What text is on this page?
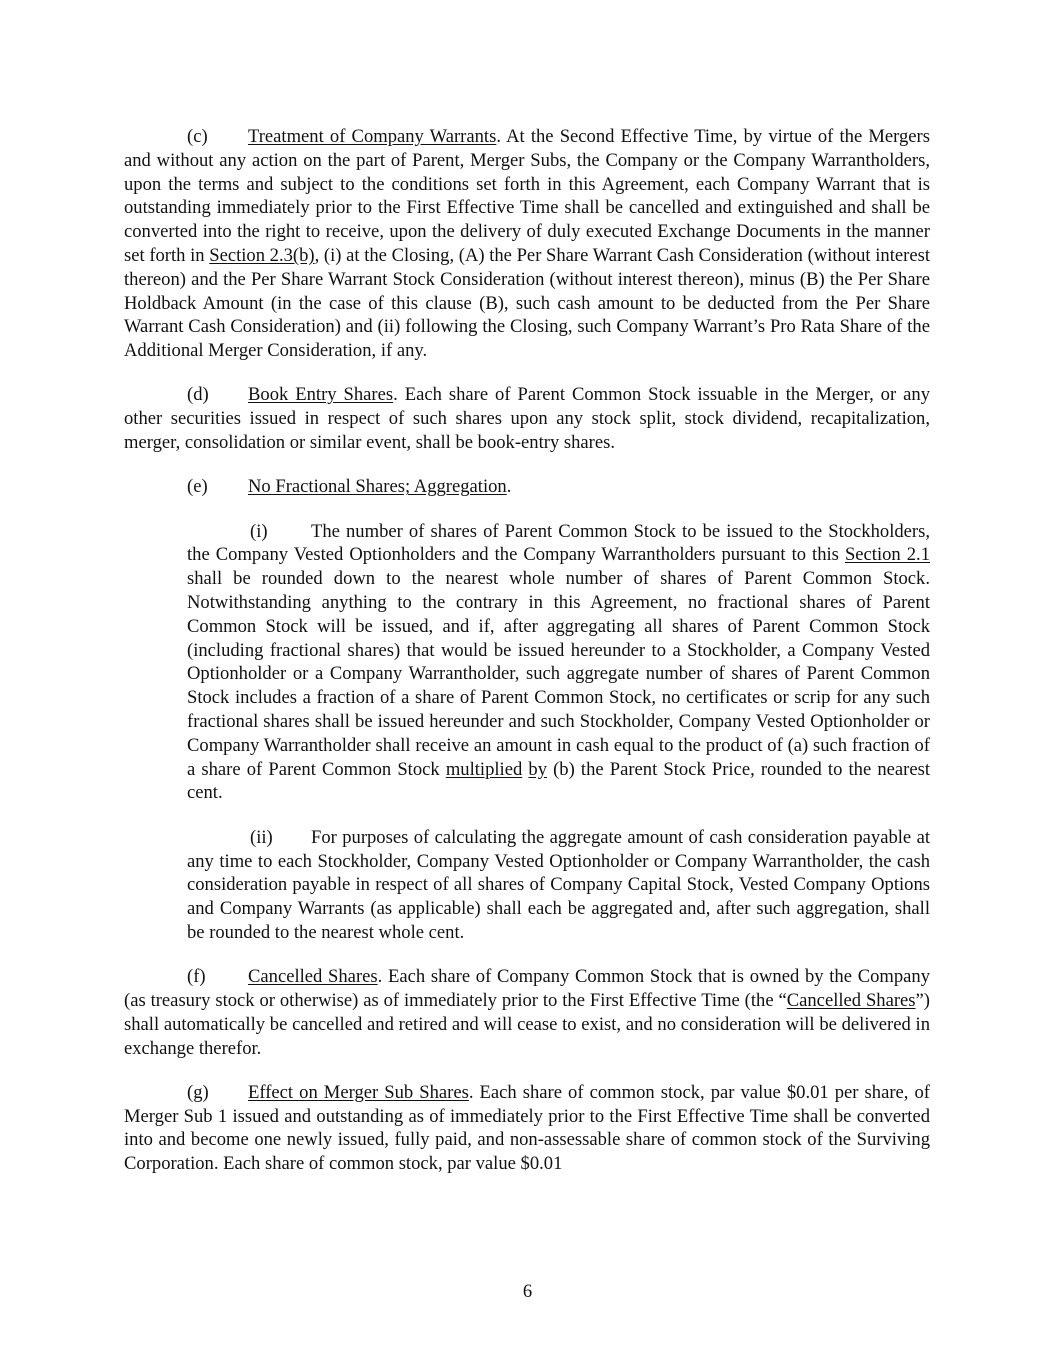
(c) Treatment of Company Warrants. At the Second Effective Time, by virtue of the Mergers and without any action on the part of Parent, Merger Subs, the Company or the Company Warrantholders, upon the terms and subject to the conditions set forth in this Agreement, each Company Warrant that is outstanding immediately prior to the First Effective Time shall be cancelled and extinguished and shall be converted into the right to receive, upon the delivery of duly executed Exchange Documents in the manner set forth in Section 2.3(b), (i) at the Closing, (A) the Per Share Warrant Cash Consideration (without interest thereon) and the Per Share Warrant Stock Consideration (without interest thereon), minus (B) the Per Share Holdback Amount (in the case of this clause (B), such cash amount to be deducted from the Per Share Warrant Cash Consideration) and (ii) following the Closing, such Company Warrant’s Pro Rata Share of the Additional Merger Consideration, if any.

(d) Book Entry Shares. Each share of Parent Common Stock issuable in the Merger, or any other securities issued in respect of such shares upon any stock split, stock dividend, recapitalization, merger, consolidation or similar event, shall be book-entry shares.

(e) No Fractional Shares; Aggregation.

(i) The number of shares of Parent Common Stock to be issued to the Stockholders, the Company Vested Optionholders and the Company Warrantholders pursuant to this Section 2.1 shall be rounded down to the nearest whole number of shares of Parent Common Stock. Notwithstanding anything to the contrary in this Agreement, no fractional shares of Parent Common Stock will be issued, and if, after aggregating all shares of Parent Common Stock (including fractional shares) that would be issued hereunder to a Stockholder, a Company Vested Optionholder or a Company Warrantholder, such aggregate number of shares of Parent Common Stock includes a fraction of a share of Parent Common Stock, no certificates or scrip for any such fractional shares shall be issued hereunder and such Stockholder, Company Vested Optionholder or Company Warrantholder shall receive an amount in cash equal to the product of (a) such fraction of a share of Parent Common Stock multiplied by (b) the Parent Stock Price, rounded to the nearest cent.

(ii) For purposes of calculating the aggregate amount of cash consideration payable at any time to each Stockholder, Company Vested Optionholder or Company Warrantholder, the cash consideration payable in respect of all shares of Company Capital Stock, Vested Company Options and Company Warrants (as applicable) shall each be aggregated and, after such aggregation, shall be rounded to the nearest whole cent.

(f) Cancelled Shares. Each share of Company Common Stock that is owned by the Company (as treasury stock or otherwise) as of immediately prior to the First Effective Time (the “Cancelled Shares”) shall automatically be cancelled and retired and will cease to exist, and no consideration will be delivered in exchange therefor.

(g) Effect on Merger Sub Shares. Each share of common stock, par value $0.01 per share, of Merger Sub 1 issued and outstanding as of immediately prior to the First Effective Time shall be converted into and become one newly issued, fully paid, and non-assessable share of common stock of the Surviving Corporation. Each share of common stock, par value $0.01

6
